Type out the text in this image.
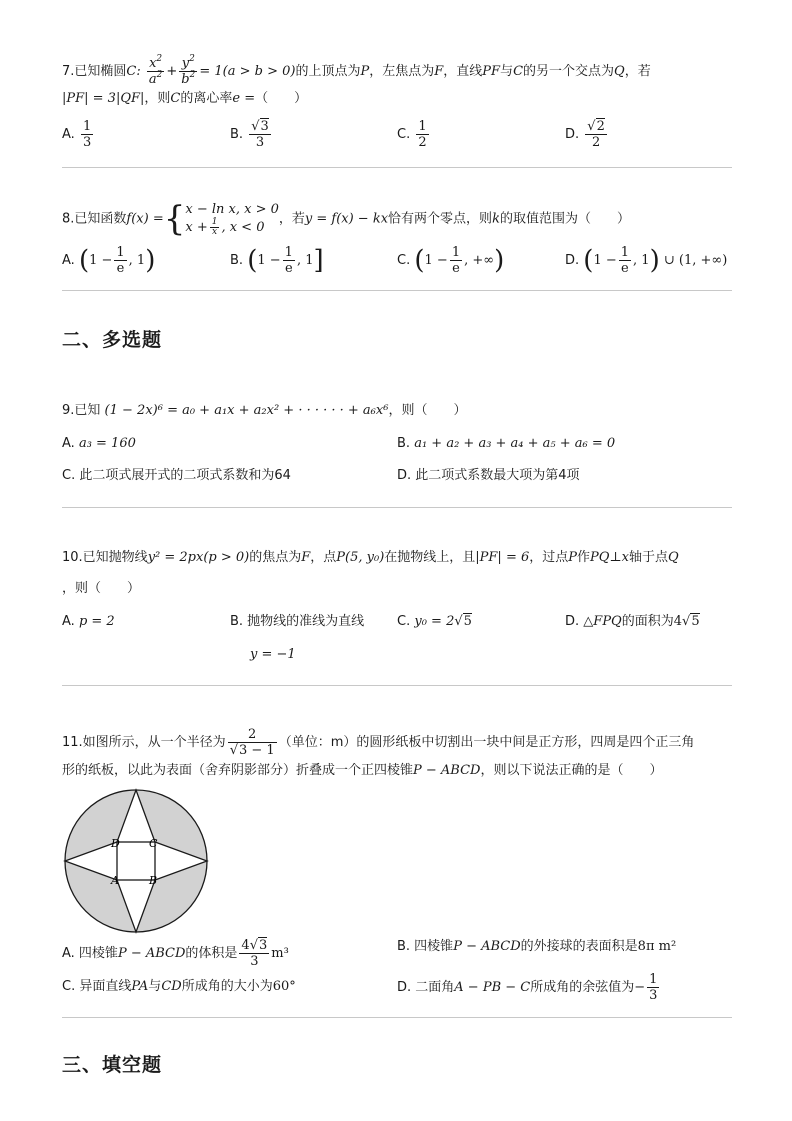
7.已知椭圆C: $\frac{x^2}{a^2} + \frac{y^2}{b^2} = 1(a > b > 0)$的上顶点为P，左焦点为F，直线PF与C的另一个交点为Q，若
|PF| = 3|QF|，则C的离心率e =（　　）
A. $\frac{1}{3}$	B. $\frac{√3}{3}$	C. $\frac{1}{2}$	D. $\frac{√2}{2}$
8.已知函数f(x) ={ x − ln x, x > 0
$x + \frac{1}{x}$ , x < 0
，若y = f(x) − kx恰有两个零点，则k的取值范围为（　　）
A. ($1 - \frac{1}{e}$ , 1)	B. ($1 - \frac{1}{e}$ , 1]	C. ($1 - \frac{1}{e}$ , +∞)	D. ($1 - \frac{1}{e}$ , 1) ∪ (1, +∞)
二、多选题
9.已知 (1 − 2x)⁶ = a₀ + a₁x + a₂x² + · · · · · · + a₆x⁶，则（　　）
A. a₃ = 160	B. a₁ + a₂ + a₃ + a₄ + a₅ + a₆ = 0
C. 此二项式展开式的二项式系数和为64	D. 此二项式系数最大项为第4项
10.已知抛物线y² = 2px(p > 0)的焦点为F，点P(5, y₀)在抛物线上，且|PF| = 6，过点P作PQ⊥x轴于点Q
，则（　　）
A. p = 2	B. 抛物线的准线为直线
y = −1
C. y₀ = 2√5	D. △FPQ的面积为4√5
11.如图所示，从一个半径为 $\frac{2}{√3 - 1}$ （单位：m）的圆形纸板中切割出一块中间是正方形，四周是四个正三角
形的纸板，以此为表面（舍弃阴影部分）折叠成一个正四棱锥P − ABCD，则以下说法正确的是（　　）
D	C
A	B
A. 四棱锥P − ABCD的体积是 $\frac{4√3}{3} m^3$	B. 四棱锥P − ABCD的外接球的表面积是8π m²
C. 异面直线PA与CD所成角的大小为60°	D. 二面角A − PB − C所成角的余弦值为− $\frac{1}{3}$
三、填空题
